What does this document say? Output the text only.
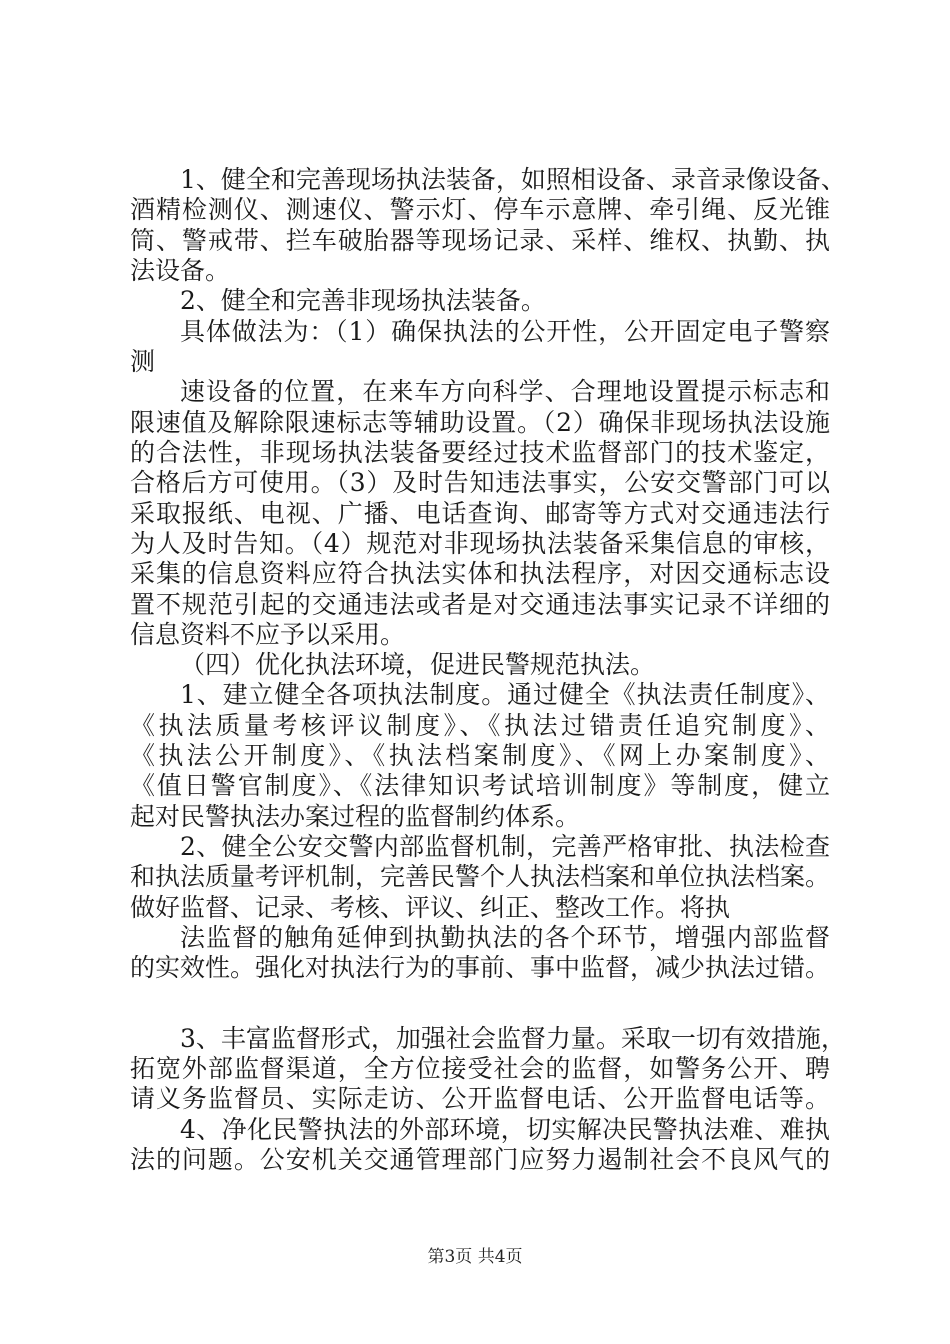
1、健全和完善现场执法装备，如照相设备、录音录像设备、
酒精检测仪、测速仪、警示灯、停车示意牌、牵引绳、反光锥
筒、警戒带、拦车破胎器等现场记录、采样、维权、执勤、执
法设备。
2、健全和完善非现场执法装备。
具体做法为：（1）确保执法的公开性，公开固定电子警察
测
速设备的位置，在来车方向科学、合理地设置提示标志和
限速值及解除限速标志等辅助设置。（2）确保非现场执法设施
的合法性，非现场执法装备要经过技术监督部门的技术鉴定，
合格后方可使用。（3）及时告知违法事实，公安交警部门可以
采取报纸、电视、广播、电话查询、邮寄等方式对交通违法行
为人及时告知。（4）规范对非现场执法装备采集信息的审核，
采集的信息资料应符合执法实体和执法程序，对因交通标志设
置不规范引起的交通违法或者是对交通违法事实记录不详细的
信息资料不应予以采用。
（四）优化执法环境，促进民警规范执法。
1、建立健全各项执法制度。通过健全《执法责任制度》、
《执法质量考核评议制度》、《执法过错责任追究制度》、
《执法公开制度》、《执法档案制度》、《网上办案制度》、
《值日警官制度》、《法律知识考试培训制度》等制度，健立
起对民警执法办案过程的监督制约体系。
2、健全公安交警内部监督机制，完善严格审批、执法检查
和执法质量考评机制，完善民警个人执法档案和单位执法档案。
做好监督、记录、考核、评议、纠正、整改工作。将执
法监督的触角延伸到执勤执法的各个环节，增强内部监督
的实效性。强化对执法行为的事前、事中监督，减少执法过错。
3、丰富监督形式，加强社会监督力量。采取一切有效措施，
拓宽外部监督渠道，全方位接受社会的监督，如警务公开、聘
请义务监督员、实际走访、公开监督电话、公开监督电话等。
4、净化民警执法的外部环境，切实解决民警执法难、难执
法的问题。公安机关交通管理部门应努力遏制社会不良风气的
第3页 共4页
